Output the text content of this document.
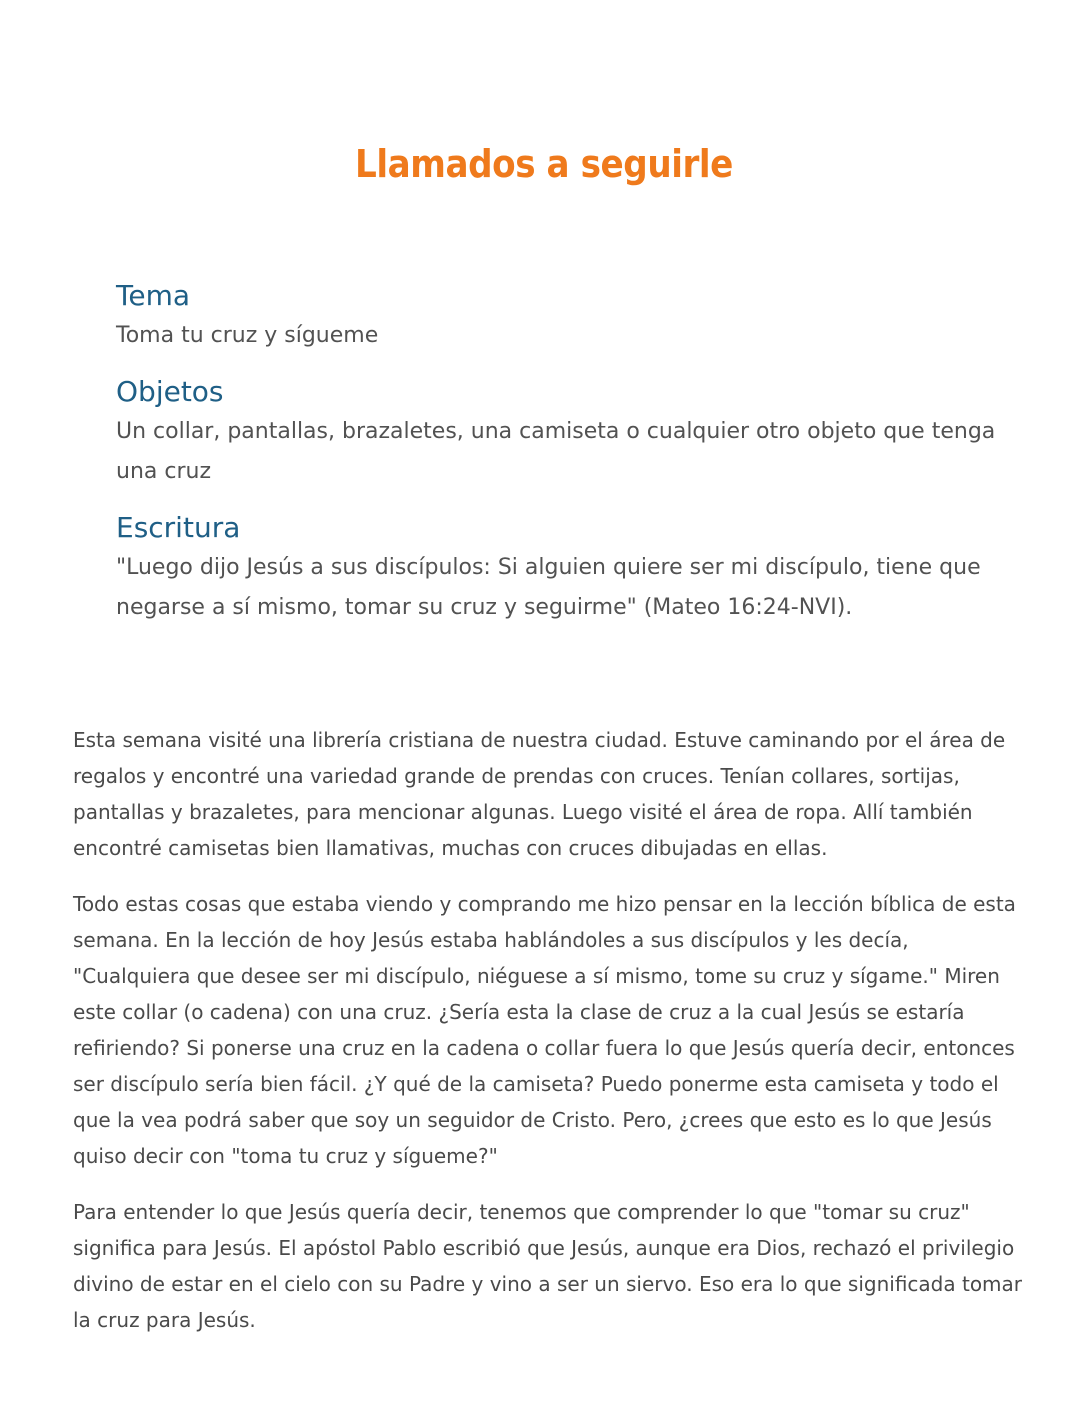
Llamados a seguirle
Tema

Toma tu cruz y sígueme

Objetos

Un collar, pantallas, brazaletes, una camiseta o cualquier otro objeto que tenga una cruz

Escritura

"Luego dijo Jesús a sus discípulos: Si alguien quiere ser mi discípulo, tiene que negarse a sí mismo, tomar su cruz y seguirme" (Mateo 16:24-NVI).

Esta semana visité una librería cristiana de nuestra ciudad. Estuve caminando por el área de regalos y encontré una variedad grande de prendas con cruces. Tenían collares, sortijas, pantallas y brazaletes, para mencionar algunas. Luego visité el área de ropa. Allí también encontré camisetas bien llamativas, muchas con cruces dibujadas en ellas.

Todo estas cosas que estaba viendo y comprando me hizo pensar en la lección bíblica de esta semana. En la lección de hoy Jesús estaba hablándoles a sus discípulos y les decía, "Cualquiera que desee ser mi discípulo, niéguese a sí mismo, tome su cruz y sígame." Miren este collar (o cadena) con una cruz. ¿Sería esta la clase de cruz a la cual Jesús se estaría refiriendo? Si ponerse una cruz en la cadena o collar fuera lo que Jesús quería decir, entonces ser discípulo sería bien fácil. ¿Y qué de la camiseta? Puedo ponerme esta camiseta y todo el que la vea podrá saber que soy un seguidor de Cristo. Pero, ¿crees que esto es lo que Jesús quiso decir con "toma tu cruz y sígueme?"

Para entender lo que Jesús quería decir, tenemos que comprender lo que "tomar su cruz" significa para Jesús. El apóstol Pablo escribió que Jesús, aunque era Dios, rechazó el privilegio divino de estar en el cielo con su Padre y vino a ser un siervo. Eso era lo que significada tomar la cruz para Jesús.
